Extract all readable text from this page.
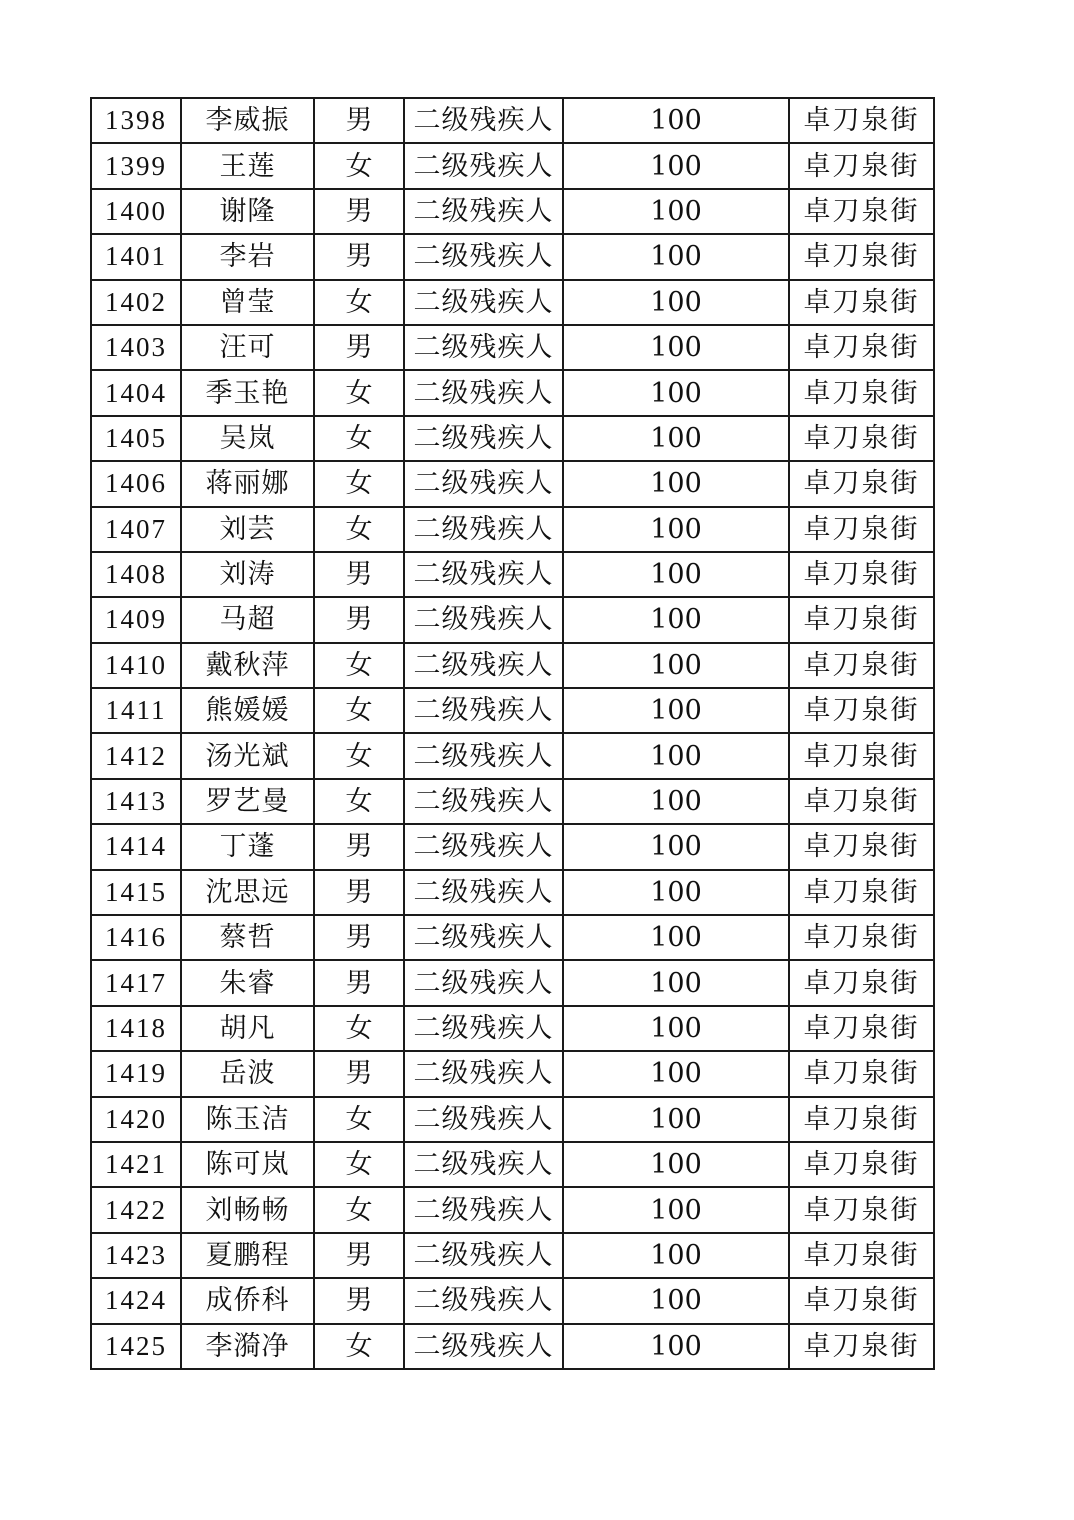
1398	李威振	男	二级残疾人	100	卓刀泉街
1399	王莲	女	二级残疾人	100	卓刀泉街
1400	谢隆	男	二级残疾人	100	卓刀泉街
1401	李岩	男	二级残疾人	100	卓刀泉街
1402	曾莹	女	二级残疾人	100	卓刀泉街
1403	汪可	男	二级残疾人	100	卓刀泉街
1404	季玉艳	女	二级残疾人	100	卓刀泉街
1405	吴岚	女	二级残疾人	100	卓刀泉街
1406	蒋丽娜	女	二级残疾人	100	卓刀泉街
1407	刘芸	女	二级残疾人	100	卓刀泉街
1408	刘涛	男	二级残疾人	100	卓刀泉街
1409	马超	男	二级残疾人	100	卓刀泉街
1410	戴秋萍	女	二级残疾人	100	卓刀泉街
1411	熊媛媛	女	二级残疾人	100	卓刀泉街
1412	汤光斌	女	二级残疾人	100	卓刀泉街
1413	罗艺曼	女	二级残疾人	100	卓刀泉街
1414	丁蓬	男	二级残疾人	100	卓刀泉街
1415	沈思远	男	二级残疾人	100	卓刀泉街
1416	蔡哲	男	二级残疾人	100	卓刀泉街
1417	朱睿	男	二级残疾人	100	卓刀泉街
1418	胡凡	女	二级残疾人	100	卓刀泉街
1419	岳波	男	二级残疾人	100	卓刀泉街
1420	陈玉洁	女	二级残疾人	100	卓刀泉街
1421	陈可岚	女	二级残疾人	100	卓刀泉街
1422	刘畅畅	女	二级残疾人	100	卓刀泉街
1423	夏鹏程	男	二级残疾人	100	卓刀泉街
1424	成侨科	男	二级残疾人	100	卓刀泉街
1425	李漪净	女	二级残疾人	100	卓刀泉街
